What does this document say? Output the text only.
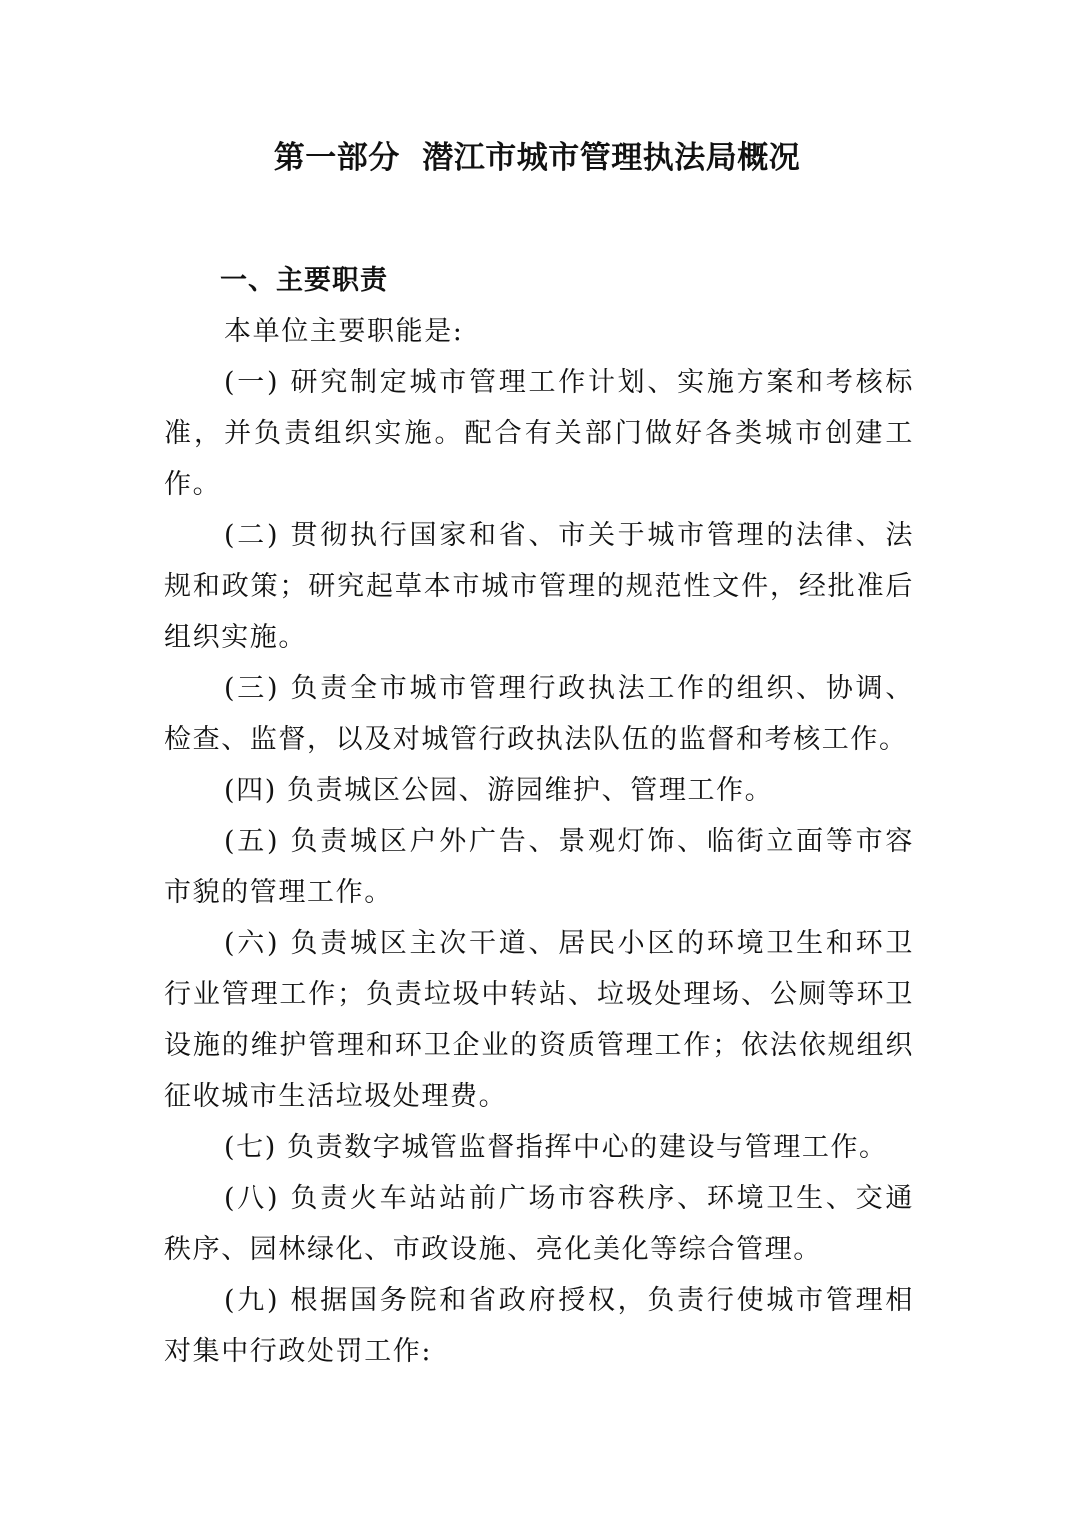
第一部分  潜江市城市管理执法局概况
一、主要职责

本单位主要职能是:

(一) 研究制定城市管理工作计划、实施方案和考核标准，并负责组织实施。配合有关部门做好各类城市创建工作。

(二) 贯彻执行国家和省、市关于城市管理的法律、法规和政策；研究起草本市城市管理的规范性文件，经批准后组织实施。

(三) 负责全市城市管理行政执法工作的组织、协调、检查、监督，以及对城管行政执法队伍的监督和考核工作。

(四) 负责城区公园、游园维护、管理工作。

(五) 负责城区户外广告、景观灯饰、临街立面等市容市貌的管理工作。

(六) 负责城区主次干道、居民小区的环境卫生和环卫行业管理工作；负责垃圾中转站、垃圾处理场、公厕等环卫设施的维护管理和环卫企业的资质管理工作；依法依规组织征收城市生活垃圾处理费。

(七) 负责数字城管监督指挥中心的建设与管理工作。

(八) 负责火车站站前广场市容秩序、环境卫生、交通秩序、园林绿化、市政设施、亮化美化等综合管理。

(九) 根据国务院和省政府授权，负责行使城市管理相对集中行政处罚工作:
